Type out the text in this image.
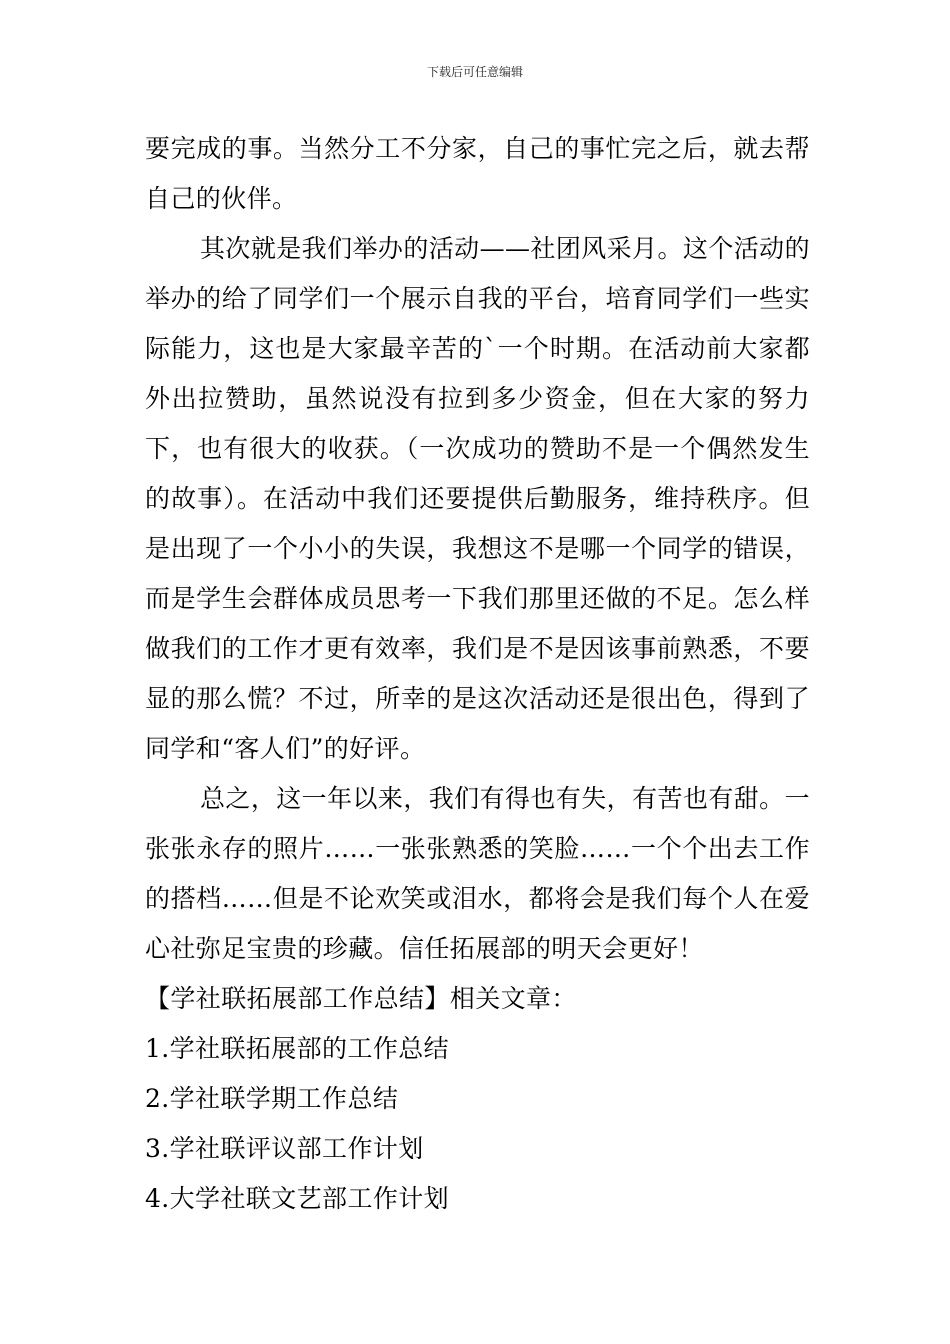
下载后可任意编辑

要完成的事。当然分工不分家，自己的事忙完之后，就去帮自己的伙伴。

其次就是我们举办的活动——社团风采月。这个活动的举办的给了同学们一个展示自我的平台，培育同学们一些实际能力，这也是大家最辛苦的`一个时期。在活动前大家都外出拉赞助，虽然说没有拉到多少资金，但在大家的努力下，也有很大的收获。（一次成功的赞助不是一个偶然发生的故事）。在活动中我们还要提供后勤服务，维持秩序。但是出现了一个小小的失误，我想这不是哪一个同学的错误，而是学生会群体成员思考一下我们那里还做的不足。怎么样做我们的工作才更有效率，我们是不是因该事前熟悉，不要显的那么慌？不过，所幸的是这次活动还是很出色，得到了同学和“客人们”的好评。

总之，这一年以来，我们有得也有失，有苦也有甜。一张张永存的照片……一张张熟悉的笑脸……一个个出去工作的搭档……但是不论欢笑或泪水，都将会是我们每个人在爱心社弥足宝贵的珍藏。信任拓展部的明天会更好！

【学社联拓展部工作总结】相关文章：

1.学社联拓展部的工作总结
2.学社联学期工作总结
3.学社联评议部工作计划
4.大学社联文艺部工作计划
